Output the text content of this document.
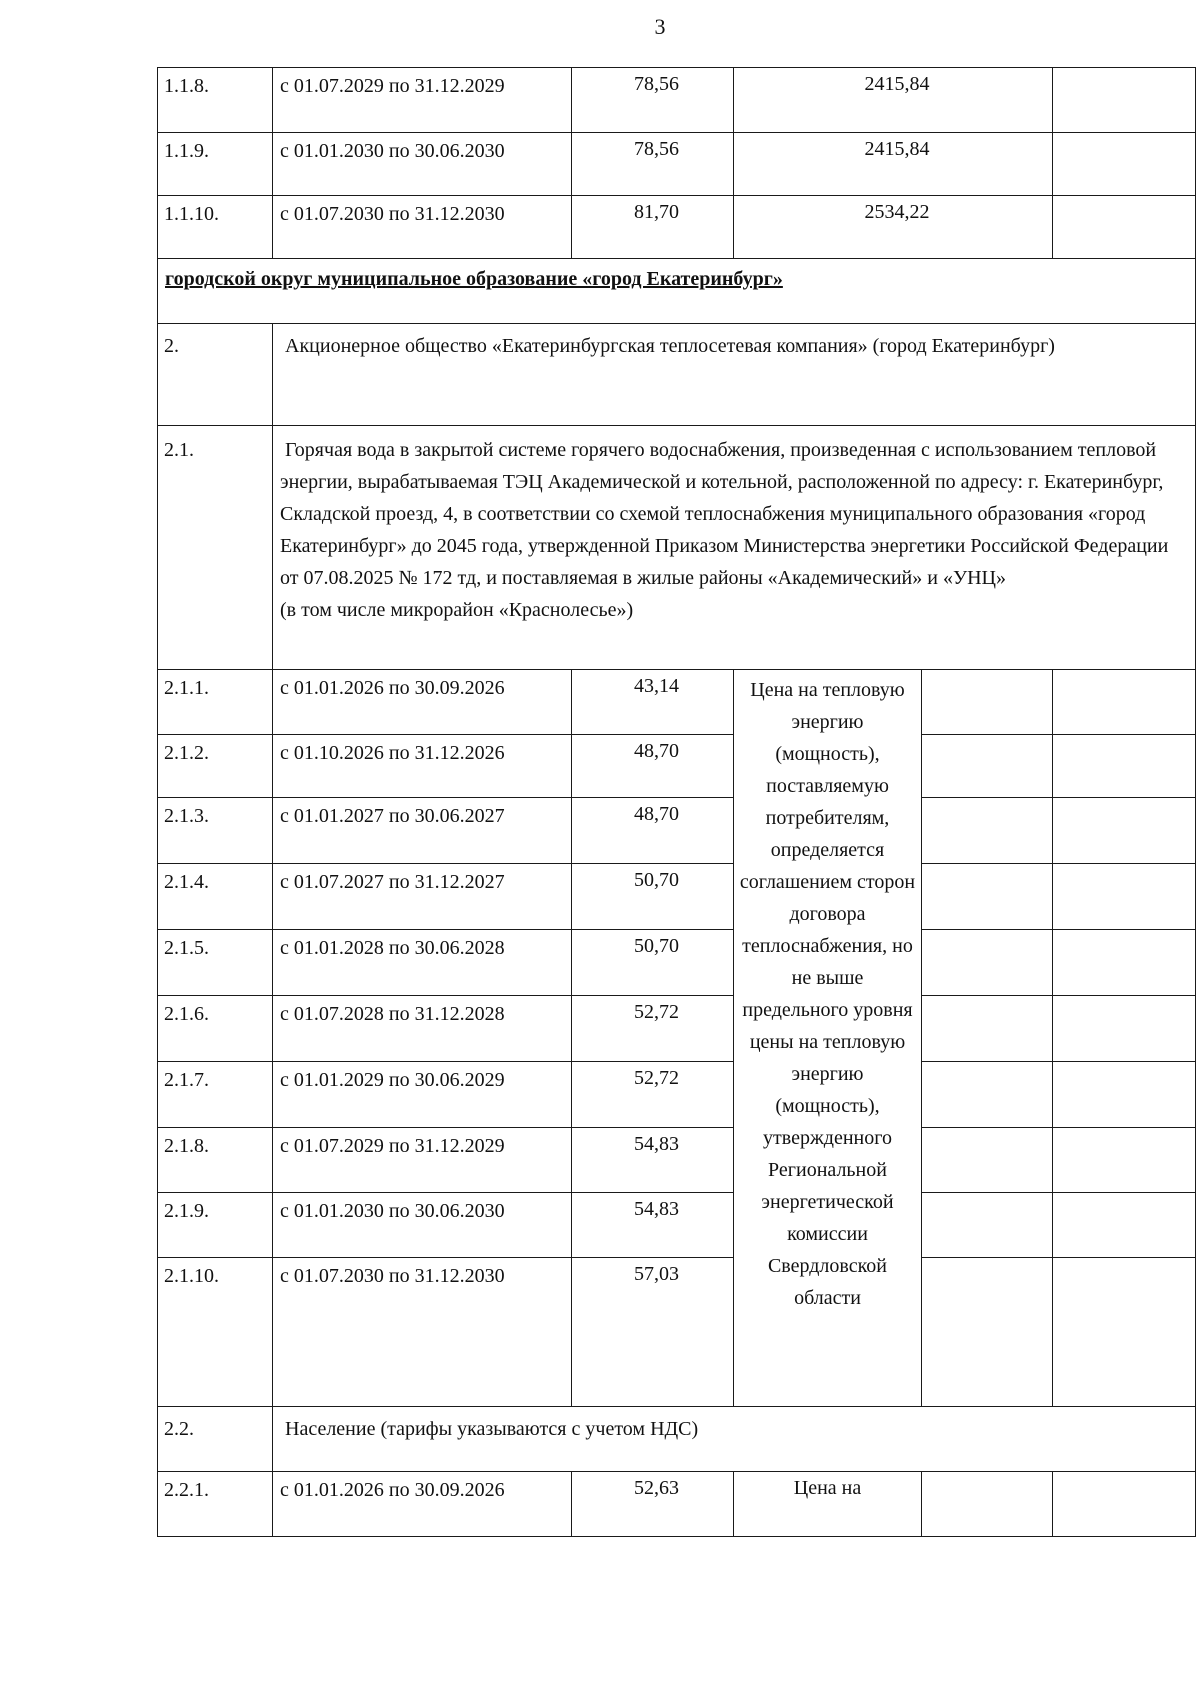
3
1.1.8.	с 01.07.2029 по 31.12.2029	78,56	2415,84		
1.1.9.	с 01.01.2030 по 30.06.2030	78,56	2415,84		
1.1.10.	с 01.07.2030 по 31.12.2030	81,70	2534,22		
городской округ муниципальное образование «город Екатеринбург»					
2.	Акционерное общество «Екатеринбургская теплосетевая компания» (город Екатеринбург)				
2.1.	Горячая вода в закрытой системе горячего водоснабжения, произведенная с использованием тепловой энергии, вырабатываемая ТЭЦ Академической и котельной, расположенной по адресу: г. Екатеринбург, Складской проезд, 4, в соответствии со схемой теплоснабжения муниципального образования «город Екатеринбург» до 2045 года, утвержденной Приказом Министерства энергетики Российской Федерации от 07.08.2025 № 172 тд, и поставляемая в жилые районы «Академический» и «УНЦ»
(в том числе микрорайон «Краснолесье»)				

2.1.1.	с 01.01.2026 по 30.09.2026	43,14	Цена на тепловую энергию (мощность), поставляемую потребителям, определяется соглашением сторон договора теплоснабжения, но не выше предельного уровня цены на тепловую энергию (мощность), утвержденного Региональной энергетической комиссии Свердловской области		

2.1.2.	с 01.10.2026 по 31.12.2026	48,70			
2.1.3.	с 01.01.2027 по 30.06.2027	48,70			
2.1.4.	с 01.07.2027 по 31.12.2027	50,70			
2.1.5.	с 01.01.2028 по 30.06.2028	50,70			
2.1.6.	с 01.07.2028 по 31.12.2028	52,72			
2.1.7.	с 01.01.2029 по 30.06.2029	52,72			
2.1.8.	с 01.07.2029 по 31.12.2029	54,83			
2.1.9.	с 01.01.2030 по 30.06.2030	54,83			
2.1.10.	с 01.07.2030 по 31.12.2030	57,03			
2.2.	Население (тарифы указываются с учетом НДС)				
2.2.1.	с 01.01.2026 по 30.09.2026	52,63	Цена на		
